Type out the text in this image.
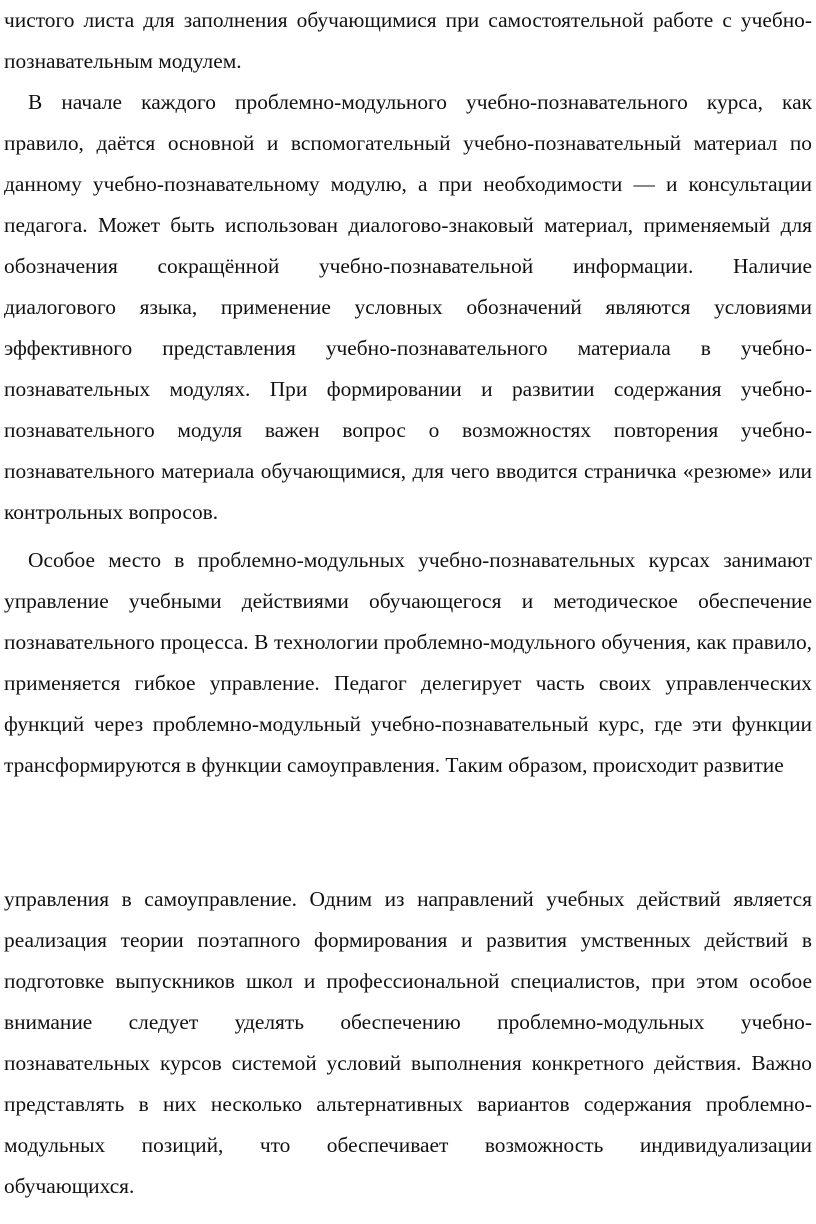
чистого листа для заполнения обучающимися при самостоятельной работе с учебно-
познавательным модулем.
В начале каждого проблемно-модульного учебно-познавательного курса, как
правило, даётся основной и вспомогательный учебно-познавательный материал по
данному учебно-познавательному модулю, а при необходимости — и консультации
педагога. Может быть использован диалогово-знаковый материал, применяемый для
обозначения сокращённой учебно-познавательной информации. Наличие
диалогового языка, применение условных обозначений являются условиями
эффективного представления учебно-познавательного материала в учебно-
познавательных модулях. При формировании и развитии содержания учебно-
познавательного модуля важен вопрос о возможностях повторения учебно-
познавательного материала обучающимися, для чего вводится страничка «резюме» или
контрольных вопросов.
Особое место в проблемно-модульных учебно-познавательных курсах занимают
управление учебными действиями обучающегося и методическое обеспечение
познавательного процесса. В технологии проблемно-модульного обучения, как правило,
применяется гибкое управление. Педагог делегирует часть своих управленческих
функций через проблемно-модульный учебно-познавательный курс, где эти функции
трансформируются в функции самоуправления. Таким образом, происходит развитие
управления в самоуправление. Одним из направлений учебных действий является
реализация теории поэтапного формирования и развития умственных действий в
подготовке выпускников школ и профессиональной специалистов, при этом особое
внимание следует уделять обеспечению проблемно-модульных учебно-
познавательных курсов системой условий выполнения конкретного действия. Важно
представлять в них несколько альтернативных вариантов содержания проблемно-
модульных позиций, что обеспечивает возможность индивидуализации
обучающихся.
